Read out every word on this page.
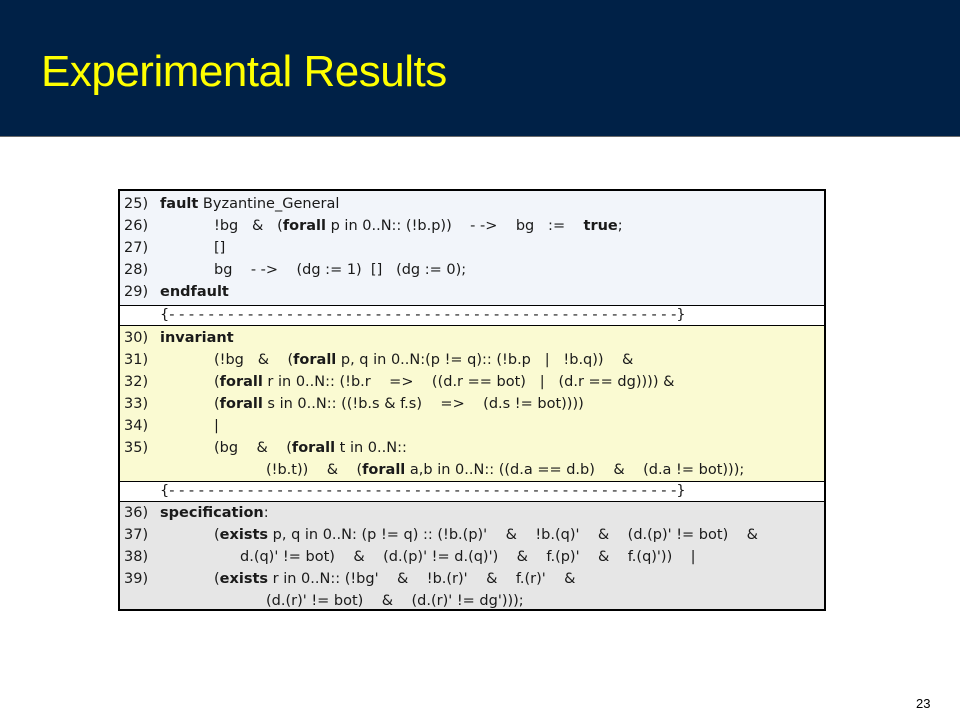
Experimental Results
25) fault Byzantine_General
26)	!bg   &   (forall p in 0..N:: (!b.p))    - ->    bg   :=    true;
27)	[]
28)	bg    - ->    (dg := 1)  []   (dg := 0);
29) endfault
{- - - - - - - - - - - - - - - - - - - - - - - - - - - - - - - - - - - - - - - - - - - - - - - - - - - -}
30) invariant
31)	(!bg   &    (forall p, q in 0..N:(p != q):: (!b.p   |   !b.q))    &
32)	(forall r in 0..N:: (!b.r    =>    ((d.r == bot)   |   (d.r == dg)))) &
33)	(forall s in 0..N:: ((!b.s & f.s)    =>    (d.s != bot))))
34)	|
35)	(bg    &    (forall t in 0..N::
(!b.t))    &    (forall a,b in 0..N:: ((d.a == d.b)    &    (d.a != bot)));
{- - - - - - - - - - - - - - - - - - - - - - - - - - - - - - - - - - - - - - - - - - - - - - - - - - - -}
36) specification:
37)	(exists p, q in 0..N: (p != q) :: (!b.(p)'    &    !b.(q)'    &    (d.(p)' != bot)    &
38)	d.(q)' != bot)    &    (d.(p)' != d.(q)')    &    f.(p)'    &    f.(q)'))    |
39)	(exists r in 0..N:: (!bg'    &    !b.(r)'    &    f.(r)'    &
(d.(r)' != bot)    &    (d.(r)' != dg')));
23
